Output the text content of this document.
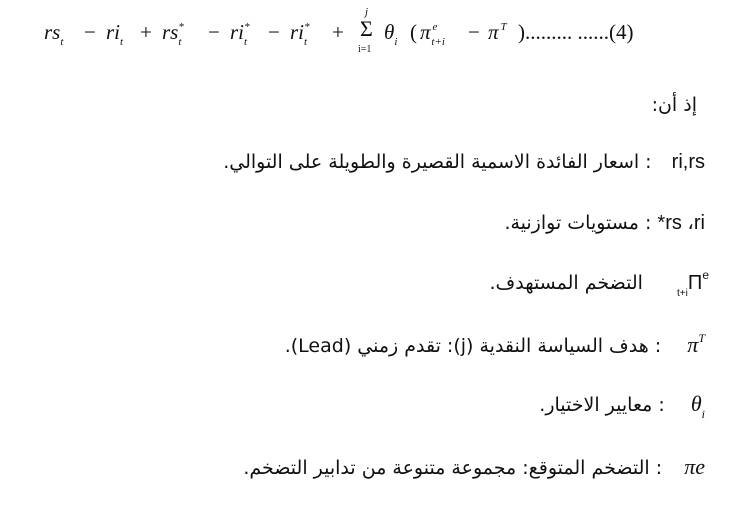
$rs_t - ri_t + rs_t^* - ri_t^* - ri_t^*$ +
j
Σ
i=1
$\theta_i$ ( π $^e_{t+i}$ − π $^T$ )......... ......(4)
إذ أن:
ri,rs  : اسعار الفائدة الاسمية القصيرة والطويلة على التوالي.
rs ،ri* : مستويات توازنية.
$_{t+i}\Pi^e$  التضخم المستهدف.
$\pi^T$  : هدف السياسة النقدية (j): تقدم زمني (Lead).
$\theta_i$  : معايير الاختيار.
πe  : التضخم المتوقع: مجموعة متنوعة من تدابير التضخم.
